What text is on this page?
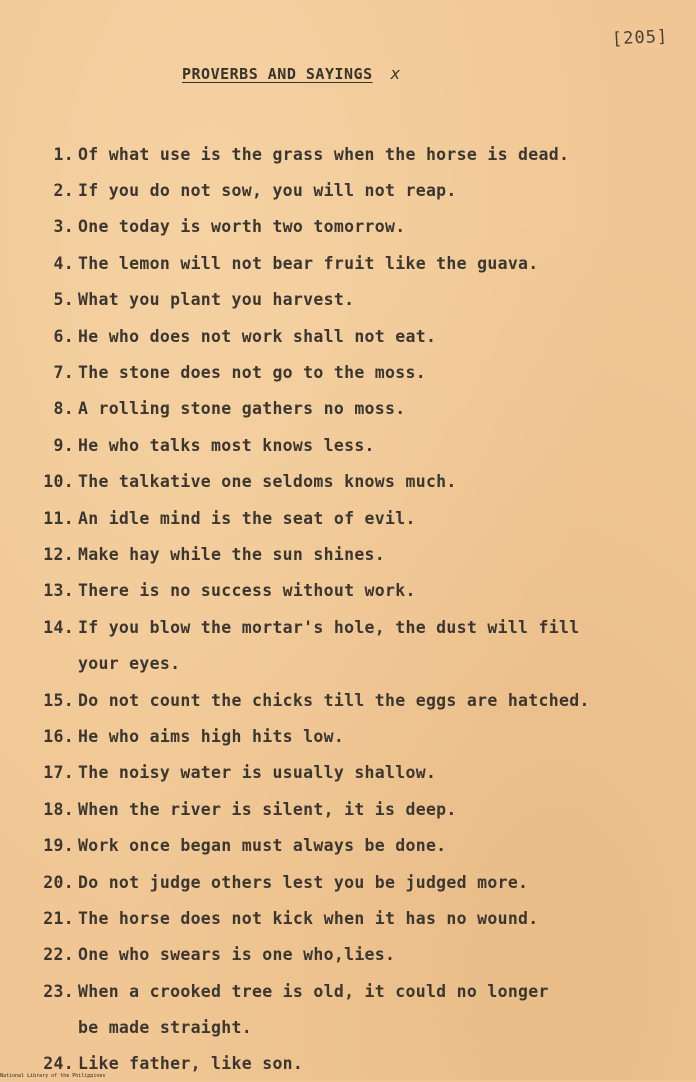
[205]
PROVERBS AND SAYINGS x
1. Of what use is the grass when the horse is dead.
2. If you do not sow, you will not reap.
3. One today is worth two tomorrow.
4. The lemon will not bear fruit like the guava.
5. What you plant you harvest.
6. He who does not work shall not eat.
7. The stone does not go to the moss.
8. A rolling stone gathers no moss.
9. He who talks most knows less.
10. The talkative one seldoms knows much.
11. An idle mind is the seat of evil.
12. Make hay while the sun shines.
13. There is no success without work.
14. If you blow the mortar's hole, the dust will fill
your eyes.
15. Do not count the chicks till the eggs are hatched.
16. He who aims high hits low.
17. The noisy water is usually shallow.
18. When the river is silent, it is deep.
19. Work once began must always be done.
20. Do not judge others lest you be judged more.
21. The horse does not kick when it has no wound.
22. One who swears is one who,lies.
23. When a crooked tree is old, it could no longer
be made straight.
24. Like father, like son.
National Library of the Philippines
